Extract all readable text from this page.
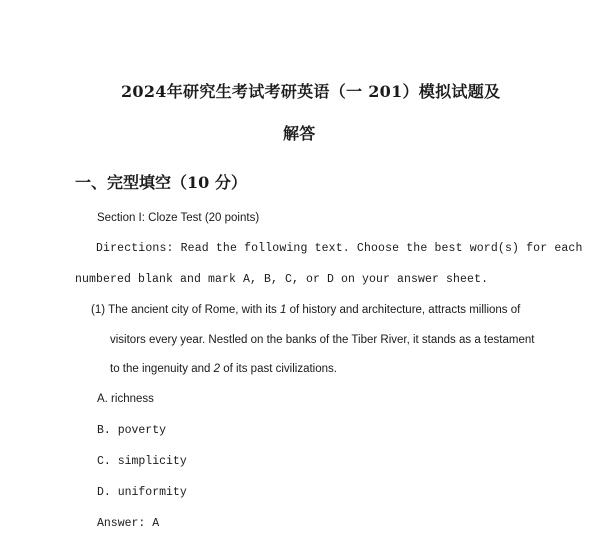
2024年研究生考试考研英语（一 201）模拟试题及
解答
一、完型填空（10 分）
Section I: Cloze Test (20 points)
Directions: Read the following text. Choose the best word(s) for each
numbered blank and mark A, B, C, or D on your answer sheet.
(1) The ancient city of Rome, with its 1 of history and architecture, attracts millions of
visitors every year. Nestled on the banks of the Tiber River, it stands as a testament
to the ingenuity and 2 of its past civilizations.
A. richness
B. poverty
C. simplicity
D. uniformity
Answer: A
